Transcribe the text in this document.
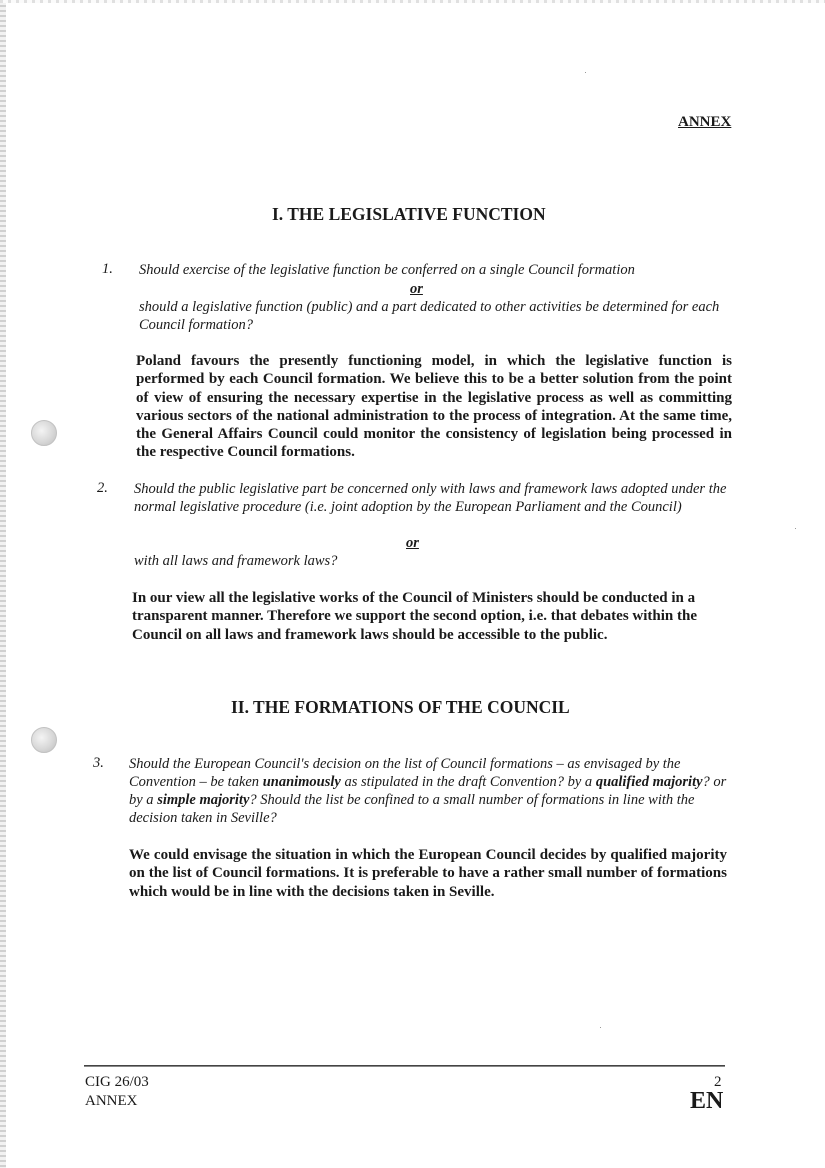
ANNEX
I. THE LEGISLATIVE FUNCTION
1. Should exercise of the legislative function be conferred on a single Council formation

or

should a legislative function (public) and a part dedicated to other activities be determined for each Council formation?

Poland favours the presently functioning model, in which the legislative function is performed by each Council formation. We believe this to be a better solution from the point of view of ensuring the necessary expertise in the legislative process as well as committing various sectors of the national administration to the process of integration. At the same time, the General Affairs Council could monitor the consistency of legislation being processed in the respective Council formations.

2. Should the public legislative part be concerned only with laws and framework laws adopted under the normal legislative procedure (i.e. joint adoption by the European Parliament and the Council)

or

with all laws and framework laws?

In our view all the legislative works of the Council of Ministers should be conducted in a transparent manner. Therefore we support the second option, i.e. that debates within the Council on all laws and framework laws should be accessible to the public.

II. THE FORMATIONS OF THE COUNCIL
3. Should the European Council's decision on the list of Council formations – as envisaged by the Convention – be taken unanimously as stipulated in the draft Convention? by a qualified majority? or by a simple majority? Should the list be confined to a small number of formations in line with the decision taken in Seville?

We could envisage the situation in which the European Council decides by qualified majority on the list of Council formations. It is preferable to have a rather small number of formations which would be in line with the decisions taken in Seville.

CIG 26/03
ANNEX
2
EN
